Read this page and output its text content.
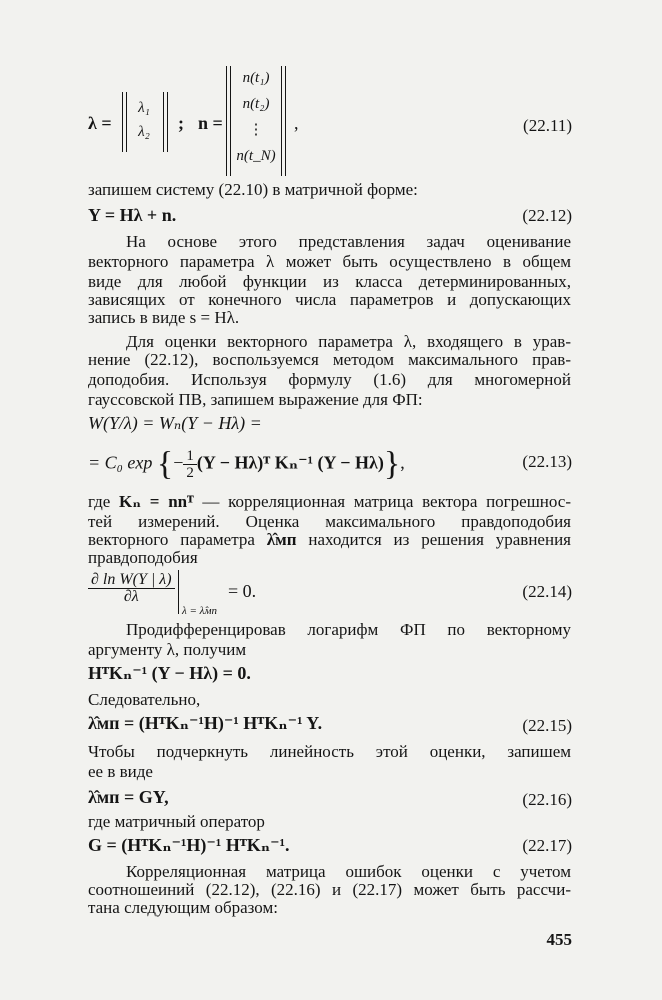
λ =
λ₁
λ₂	; n =
n(t₁)
n(t₂)
⋮
n(t_N)
,	(22.11)
запишем систему (22.10) в матричной форме:
Y = Hλ + n.	(22.12)
На основе этого представления задач оценивание
векторного параметра λ может быть осуществлено в общем
виде для любой функции из класса детерминированных,
зависящих от конечного числа параметров и допускающих
запись в виде s = Hλ.
Для оценки векторного параметра λ, входящего в урав-
нение (22.12), воспользуемся методом максимального прав-
доподобия. Используя формулу (1.6) для многомерной
гауссовской ПВ, запишем выражение для ФП:
W(Y/λ) = Wₙ(Y − Hλ) =
= C₀ exp {− $\frac{1}{2} (Y$ − Hλ)ᵀ Kₙ⁻¹ (Y − Hλ)},	(22.13)
где Kₙ = nnᵀ — корреляционная матрица вектора погрешнос-
тей измерений. Оценка максимального правдоподобия
векторного параметра λ̂мп находится из решения уравнения
правдоподобия
$\frac{\text{∂ ln W(Y | λ)}}{\partial\lambda}$
λ = λ̂мп
= 0.	(22.14)
Продифференцировав логарифм ФП по векторному
аргументу λ, получим
HᵀKₙ⁻¹ (Y − Hλ) = 0.
Следовательно,
λ̂мп = (HᵀKₙ⁻¹H)⁻¹ HᵀKₙ⁻¹ Y.	(22.15)
Чтобы подчеркнуть линейность этой оценки, запишем
ее в виде
λ̂мп = GY,	(22.16)
где матричный оператор
G = (HᵀKₙ⁻¹H)⁻¹ HᵀKₙ⁻¹.	(22.17)
Корреляционная матрица ошибок оценки с учетом
соотношеиний (22.12), (22.16) и (22.17) может быть рассчи-
тана следующим образом:
455
